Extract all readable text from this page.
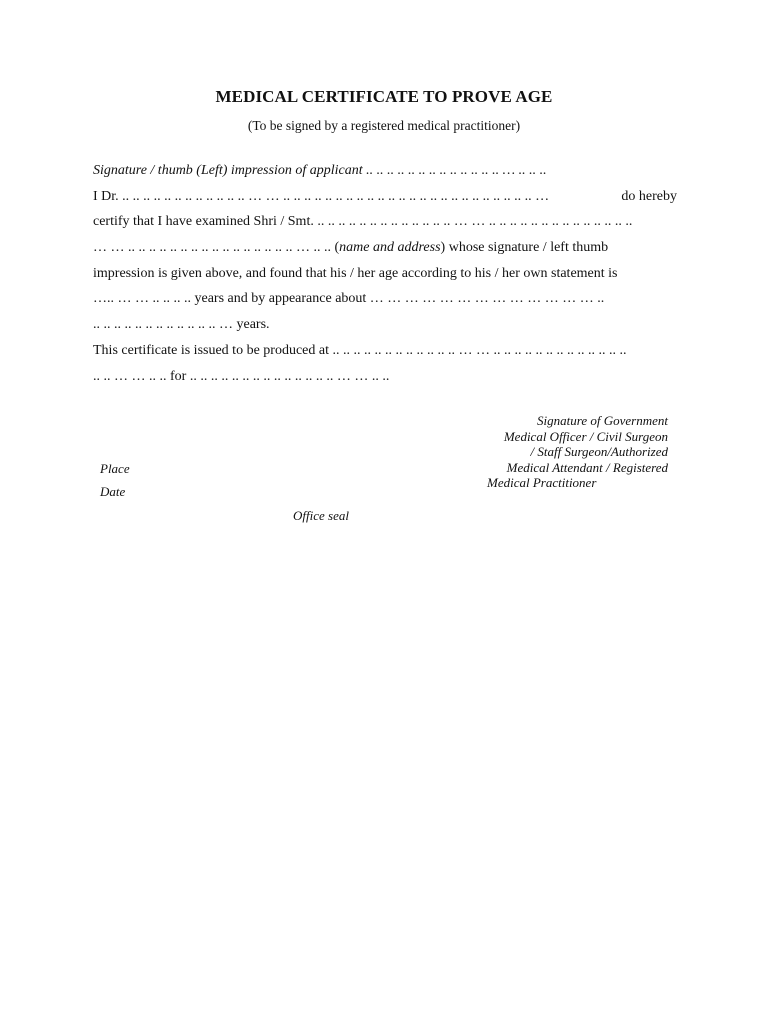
MEDICAL CERTIFICATE TO PROVE AGE
(To be signed by a registered medical practitioner)
Signature / thumb (Left) impression of applicant .. .. .. .. .. .. .. .. .. .. .. .. .. … .. .. ..
I Dr. .. .. .. .. .. .. .. .. .. .. .. .. … … .. .. .. .. .. .. .. .. .. .. .. .. .. .. .. .. .. .. .. .. .. .. .. .. …	do hereby
certify that I have examined Shri / Smt. .. .. .. .. .. .. .. .. .. .. .. .. .. … … .. .. .. .. .. .. .. .. .. .. .. .. .. ..
… … .. .. .. .. .. .. .. .. .. .. .. .. .. .. .. .. … .. .. (name and address) whose signature / left thumb
impression is given above, and found that his / her age according to his / her own statement is
….. … … .. .. .. .. years and by appearance about … … … … … … … … … … … … … ..
.. .. .. .. .. .. .. .. .. .. .. .. … years.
This certificate is issued to be produced at .. .. .. .. .. .. .. .. .. .. .. .. … … .. .. .. .. .. .. .. .. .. .. .. .. ..
.. .. … … .. .. for .. .. .. .. .. .. .. .. .. .. .. .. .. .. … … .. ..
Signature of Government
Medical Officer / Civil Surgeon
/ Staff Surgeon/Authorized
Medical Attendant / Registered
Medical Practitioner
Place
Date
Office seal
